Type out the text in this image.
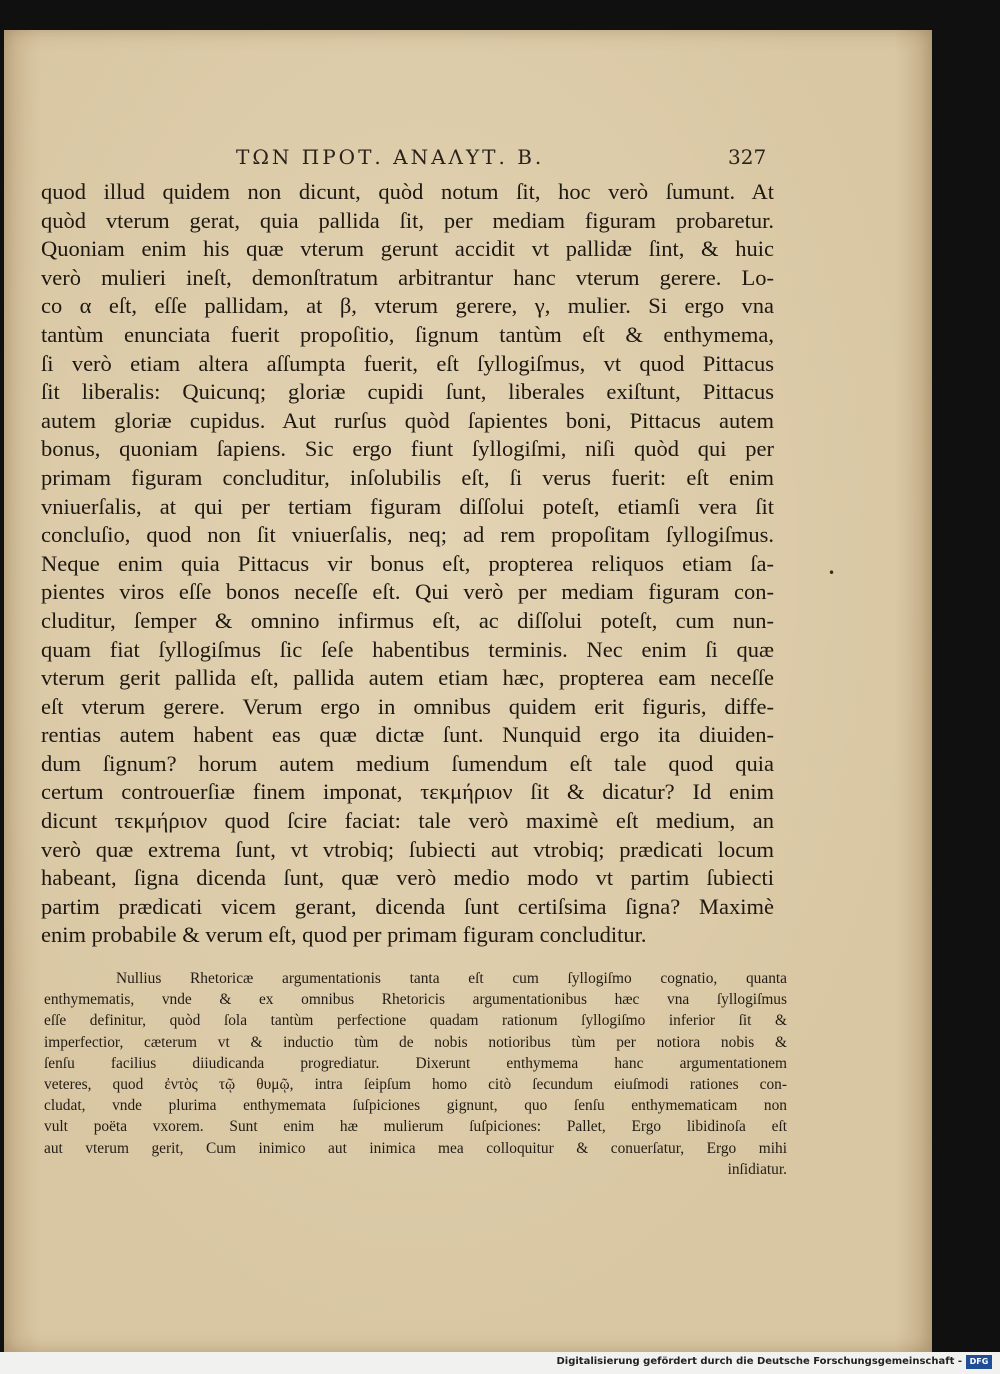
ΤΩΝ ΠΡΟΤ. ΑΝΑΛΥΤ. Β.	327
quod illud quidem non dicunt, quòd notum ſit, hoc verò ſumunt. At
quòd vterum gerat, quia pallida ſit, per mediam figuram probaretur.
Quoniam enim his quæ vterum gerunt accidit vt pallidæ ſint, & huic
verò mulieri ineſt, demonſtratum arbitrantur hanc vterum gerere. Lo-
co α eſt, eſſe pallidam, at β, vterum gerere, γ, mulier. Si ergo vna
tantùm enunciata fuerit propoſitio, ſignum tantùm eſt & enthymema,
ſi verò etiam altera aſſumpta fuerit, eſt ſyllogiſmus, vt quod Pittacus
ſit liberalis: Quicunq; gloriæ cupidi ſunt, liberales exiſtunt, Pittacus
autem gloriæ cupidus. Aut rurſus quòd ſapientes boni, Pittacus autem
bonus, quoniam ſapiens. Sic ergo fiunt ſyllogiſmi, niſi quòd qui per
primam figuram concluditur, inſolubilis eſt, ſi verus fuerit: eſt enim
vniuerſalis, at qui per tertiam figuram diſſolui poteſt, etiamſi vera ſit
concluſio, quod non ſit vniuerſalis, neq; ad rem propoſitam ſyllogiſmus.
Neque enim quia Pittacus vir bonus eſt, propterea reliquos etiam ſa-
pientes viros eſſe bonos neceſſe eſt. Qui verò per mediam figuram con-
cluditur, ſemper & omnino infirmus eſt, ac diſſolui poteſt, cum nun-
quam fiat ſyllogiſmus ſic ſeſe habentibus terminis. Nec enim ſi quæ
vterum gerit pallida eſt, pallida autem etiam hæc, propterea eam neceſſe
eſt vterum gerere. Verum ergo in omnibus quidem erit figuris, diffe-
rentias autem habent eas quæ dictæ ſunt. Nunquid ergo ita diuiden-
dum ſignum? horum autem medium ſumendum eſt tale quod quia
certum controuerſiæ finem imponat, τεκμήριον ſit & dicatur? Id enim
dicunt τεκμήριον quod ſcire faciat: tale verò maximè eſt medium, an
verò quæ extrema ſunt, vt vtrobiq; ſubiecti aut vtrobiq; prædicati locum
habeant, ſigna dicenda ſunt, quæ verò medio modo vt partim ſubiecti
partim prædicati vicem gerant, dicenda ſunt certiſsima ſigna? Maximè
enim probabile & verum eſt, quod per primam figuram concluditur.
Nullius Rhetoricæ argumentationis tanta eſt cum ſyllogiſmo cognatio, quanta
enthymematis, vnde & ex omnibus Rhetoricis argumentationibus hæc vna ſyllogiſmus
eſſe definitur, quòd ſola tantùm perfectione quadam rationum ſyllogiſmo inferior ſit &
imperfectior, cæterum vt & inductio tùm de nobis notioribus tùm per notiora nobis &
ſenſu facilius diiudicanda progrediatur. Dixerunt enthymema hanc argumentationem
veteres, quod ἐντὸς τῷ θυμῷ, intra ſeipſum homo citò ſecundum eiuſmodi rationes con-
cludat, vnde plurima enthymemata ſuſpiciones gignunt, quo ſenſu enthymematicam non
vult poëta vxorem. Sunt enim hæ mulierum ſuſpiciones: Pallet, Ergo libidinoſa eſt
aut vterum gerit, Cum inimico aut inimica mea colloquitur & conuerſatur, Ergo mihi
inſidiatur.
•
Digitalisierung gefördert durch die Deutsche Forschungsgemeinschaft - DFG
